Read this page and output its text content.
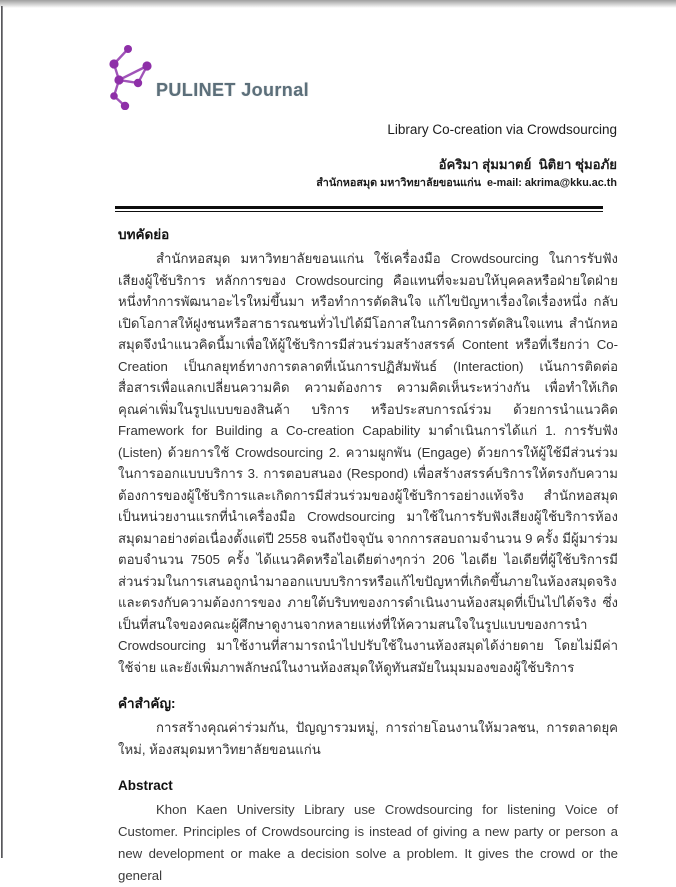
PULINET Journal
Library Co-creation via Crowdsourcing
อัคริมา สุ่มมาตย์  นิติยา ชุ่มอภัย
สำนักหอสมุด มหาวิทยาลัยขอนแก่น  e-mail: akrima@kku.ac.th
บทคัดย่อ

สำนักหอสมุด มหาวิทยาลัยขอนแก่น ใช้เครื่องมือ Crowdsourcing ในการรับฟังเสียงผู้ใช้บริการ หลักการของ Crowdsourcing คือแทนที่จะมอบให้บุคคลหรือฝ่ายใดฝ่ายหนึ่งทำการพัฒนาอะไรใหม่ขึ้นมา หรือทำการตัดสินใจ แก้ไขปัญหาเรื่องใดเรื่องหนึ่ง กลับเปิดโอกาสให้ฝูงชนหรือสาธารณชนทั่วไปได้มีโอกาสในการคิดการตัดสินใจแทน สำนักหอสมุดจึงนำแนวคิดนี้มาเพื่อให้ผู้ใช้บริการมีส่วนร่วมสร้างสรรค์ Content หรือที่เรียกว่า Co-Creation เป็นกลยุทธ์ทางการตลาดที่เน้นการปฏิสัมพันธ์ (Interaction) เน้นการติดต่อสื่อสารเพื่อแลกเปลี่ยนความคิด ความต้องการ ความคิดเห็นระหว่างกัน เพื่อทำให้เกิดคุณค่าเพิ่มในรูปแบบของสินค้า บริการ หรือประสบการณ์ร่วม ด้วยการนำแนวคิด Framework for Building a Co-creation Capability มาดำเนินการได้แก่ 1. การรับฟัง (Listen) ด้วยการใช้ Crowdsourcing 2. ความผูกพัน (Engage) ด้วยการให้ผู้ใช้มีส่วนร่วมในการออกแบบบริการ 3. การตอบสนอง (Respond) เพื่อสร้างสรรค์บริการให้ตรงกับความต้องการของผู้ใช้บริการและเกิดการมีส่วนร่วมของผู้ใช้บริการอย่างแท้จริง สำนักหอสมุดเป็นหน่วยงานแรกที่นำเครื่องมือ Crowdsourcing มาใช้ในการรับฟังเสียงผู้ใช้บริการห้องสมุดมาอย่างต่อเนื่องตั้งแต่ปี 2558 จนถึงปัจจุบัน จากการสอบถามจำนวน 9 ครั้ง มีผู้มาร่วมตอบจำนวน 7505 ครั้ง ได้แนวคิดหรือไอเดียต่างๆกว่า 206 ไอเดีย ไอเดียที่ผู้ใช้บริการมีส่วนร่วมในการเสนอถูกนำมาออกแบบบริการหรือแก้ไขปัญหาที่เกิดขึ้นภายในห้องสมุดจริง และตรงกับความต้องการของ ภายใต้บริบทของการดำเนินงานห้องสมุดที่เป็นไปได้จริง ซึ่งเป็นที่สนใจของคณะผู้ศึกษาดูงานจากหลายแห่งที่ให้ความสนใจในรูปแบบของการนำ Crowdsourcing มาใช้งานที่สามารถนำไปปรับใช้ในงานห้องสมุดได้ง่ายดาย โดยไม่มีค่าใช้จ่าย และยังเพิ่มภาพลักษณ์ในงานห้องสมุดให้ดูทันสมัยในมุมมองของผู้ใช้บริการ

คำสำคัญ:

การสร้างคุณค่าร่วมกัน, ปัญญารวมหมู่, การถ่ายโอนงานให้มวลชน, การตลาดยุคใหม่, ห้องสมุดมหาวิทยาลัยขอนแก่น

Abstract

Khon Kaen University Library use Crowdsourcing for listening Voice of Customer. Principles of Crowdsourcing is instead of giving a new party or person a new development or make a decision solve a problem. It gives the crowd or the general
